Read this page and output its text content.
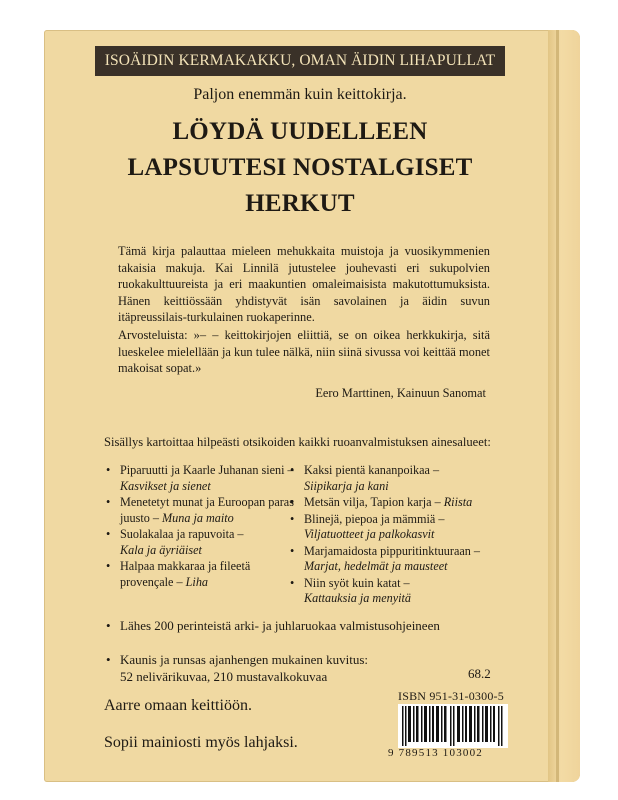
ISOÄIDIN KERMAKAKKU, OMAN ÄIDIN LIHAPULLAT
Paljon enemmän kuin keittokirja.
LÖYDÄ UUDELLEEN
LAPSUUTESI NOSTALGISET
HERKUT

Tämä kirja palauttaa mieleen mehukkaita muistoja ja vuosikymmenien takaisia makuja. Kai Linnilä jutustelee jouhevasti eri sukupolvien ruokakulttuureista ja eri maakuntien omaleimaisista makutottumuksista. Hänen keittiössään yhdistyvät isän savolainen ja äidin suvun itäpreussilais-turkulainen ruokaperinne.

Arvosteluista: »– – keittokirjojen eliittiä, se on oikea herkkukirja, sitä lueskelee mielellään ja kun tulee nälkä, niin siinä sivussa voi keittää monet makoisat sopat.»

Eero Marttinen, Kainuun Sanomat
Sisällys kartoittaa hilpeästi otsikoiden kaikki ruoanvalmistuksen ainesalueet:
• Piparuutti ja Kaarle Juhanan sieni –
Kasvikset ja sienet
• Menetetyt munat ja Euroopan paras juusto – Muna ja maito
• Suolakalaa ja rapuvoita –
Kala ja äyriäiset
• Halpaa makkaraa ja fileetä provençale – Liha
• Kaksi pientä kananpoikaa –
Siipikarja ja kani
• Metsän vilja, Tapion karja – Riista
• Blinejä, piepoa ja mämmiä –
Viljatuotteet ja palkokasvit
• Marjamaidosta pippuritinktuuraan –
Marjat, hedelmät ja mausteet
• Niin syöt kuin katat –
Kattauksia ja menyitä
• Lähes 200 perinteistä arki- ja juhlaruokaa valmistusohjeineen
• Kaunis ja runsas ajanhengen mukainen kuvitus:
52 nelivärikuvaa, 210 mustavalkokuvaa	68.2
ISBN 951-31-0300-5
9 789513 103002
Aarre omaan keittiöön.
Sopii mainiosti myös lahjaksi.
